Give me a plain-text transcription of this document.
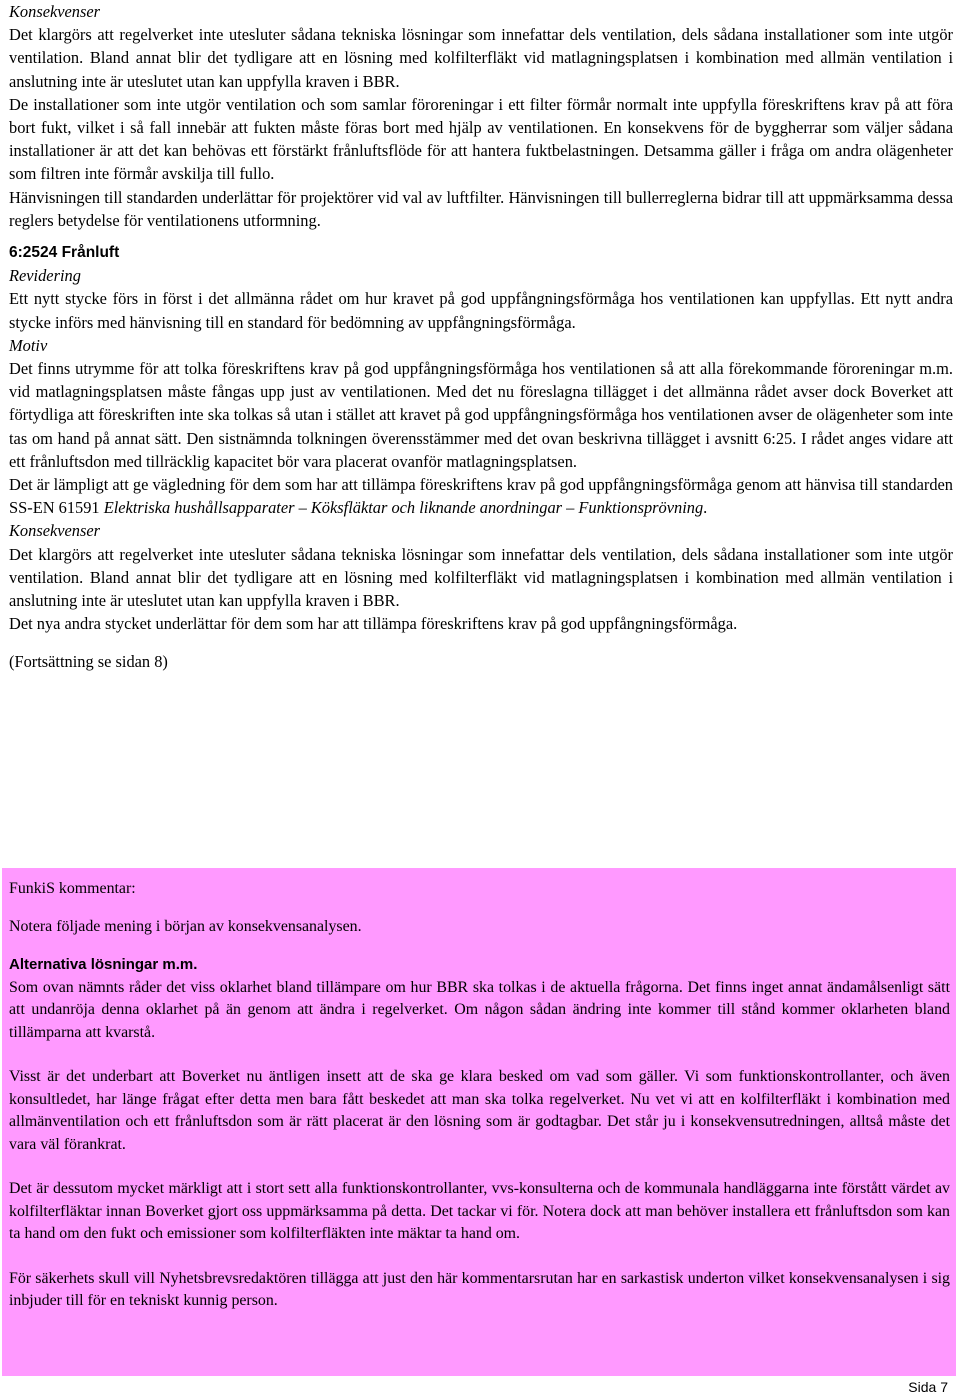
Konsekvenser

Det klargörs att regelverket inte utesluter sådana tekniska lösningar som innefattar dels ventilation, dels sådana installationer som inte utgör ventilation. Bland annat blir det tydligare att en lösning med kolfilterfläkt vid matlagningsplatsen i kombination med allmän ventilation i anslutning inte är uteslutet utan kan uppfylla kraven i BBR.

De installationer som inte utgör ventilation och som samlar föroreningar i ett filter förmår normalt inte uppfylla föreskriftens krav på att föra bort fukt, vilket i så fall innebär att fukten måste föras bort med hjälp av ventilationen. En konsekvens för de byggherrar som väljer sådana installationer är att det kan behövas ett förstärkt frånluftsflöde för att hantera fuktbelastningen. Detsamma gäller i fråga om andra olägenheter som filtren inte förmår avskilja till fullo.

Hänvisningen till standarden underlättar för projektörer vid val av luftfilter. Hänvisningen till bullerreglerna bidrar till att uppmärksamma dessa reglers betydelse för ventilationens utformning.

6:2524 Frånluft

Revidering

Ett nytt stycke förs in först i det allmänna rådet om hur kravet på god uppfångningsförmåga hos ventilationen kan uppfyllas. Ett nytt andra stycke införs med hänvisning till en standard för bedömning av uppfångningsförmåga.

Motiv

Det finns utrymme för att tolka föreskriftens krav på god uppfångningsförmåga hos ventilationen så att alla förekommande föroreningar m.m. vid matlagningsplatsen måste fångas upp just av ventilationen. Med det nu föreslagna tillägget i det allmänna rådet avser dock Boverket att förtydliga att föreskriften inte ska tolkas så utan i stället att kravet på god uppfångningsförmåga hos ventilationen avser de olägenheter som inte tas om hand på annat sätt. Den sistnämnda tolkningen överensstämmer med det ovan beskrivna tillägget i avsnitt 6:25. I rådet anges vidare att ett frånluftsdon med tillräcklig kapacitet bör vara placerat ovanför matlagningsplatsen.

Det är lämpligt att ge vägledning för dem som har att tillämpa föreskriftens krav på god uppfångningsförmåga genom att hänvisa till standarden SS-EN 61591 Elektriska hushållsapparater – Köksfläktar och liknande anordningar – Funktionsprövning.

Konsekvenser

Det klargörs att regelverket inte utesluter sådana tekniska lösningar som innefattar dels ventilation, dels sådana installationer som inte utgör ventilation. Bland annat blir det tydligare att en lösning med kolfilterfläkt vid matlagningsplatsen i kombination med allmän ventilation i anslutning inte är uteslutet utan kan uppfylla kraven i BBR.

Det nya andra stycket underlättar för dem som har att tillämpa föreskriftens krav på god uppfångningsförmåga.

(Fortsättning se sidan 8)

FunkiS kommentar:

Notera följade mening i början av konsekvensanalysen.

Alternativa lösningar m.m.

Som ovan nämnts råder det viss oklarhet bland tillämpare om hur BBR ska tolkas i de aktuella frågorna. Det finns inget annat ändamålsenligt sätt att undanröja denna oklarhet på än genom att ändra i regelverket. Om någon sådan ändring inte kommer till stånd kommer oklarheten bland tillämparna att kvarstå.

Visst är det underbart att Boverket nu äntligen insett att de ska ge klara besked om vad som gäller. Vi som funktionskontrollanter, och även konsultledet, har länge frågat efter detta men bara fått beskedet att man ska tolka regelverket. Nu vet vi att en kolfilterfläkt i kombination med allmänventilation och ett frånluftsdon som är rätt placerat är den lösning som är godtagbar. Det står ju i konsekvensutredningen, alltså måste det vara väl förankrat.

Det är dessutom mycket märkligt att i stort sett alla funktionskontrollanter, vvs-konsulterna och de kommunala handläggarna inte förstått värdet av kolfilterfläktar innan Boverket gjort oss uppmärksamma på detta. Det tackar vi för. Notera dock att man behöver installera ett frånluftsdon som kan ta hand om den fukt och emissioner som kolfilterfläkten inte mäktar ta hand om.

För säkerhets skull vill Nyhetsbrevsredaktören tillägga att just den här kommentarsrutan har en sarkastisk underton vilket konsekvensanalysen i sig inbjuder till för en tekniskt kunnig person.

Sida 7
